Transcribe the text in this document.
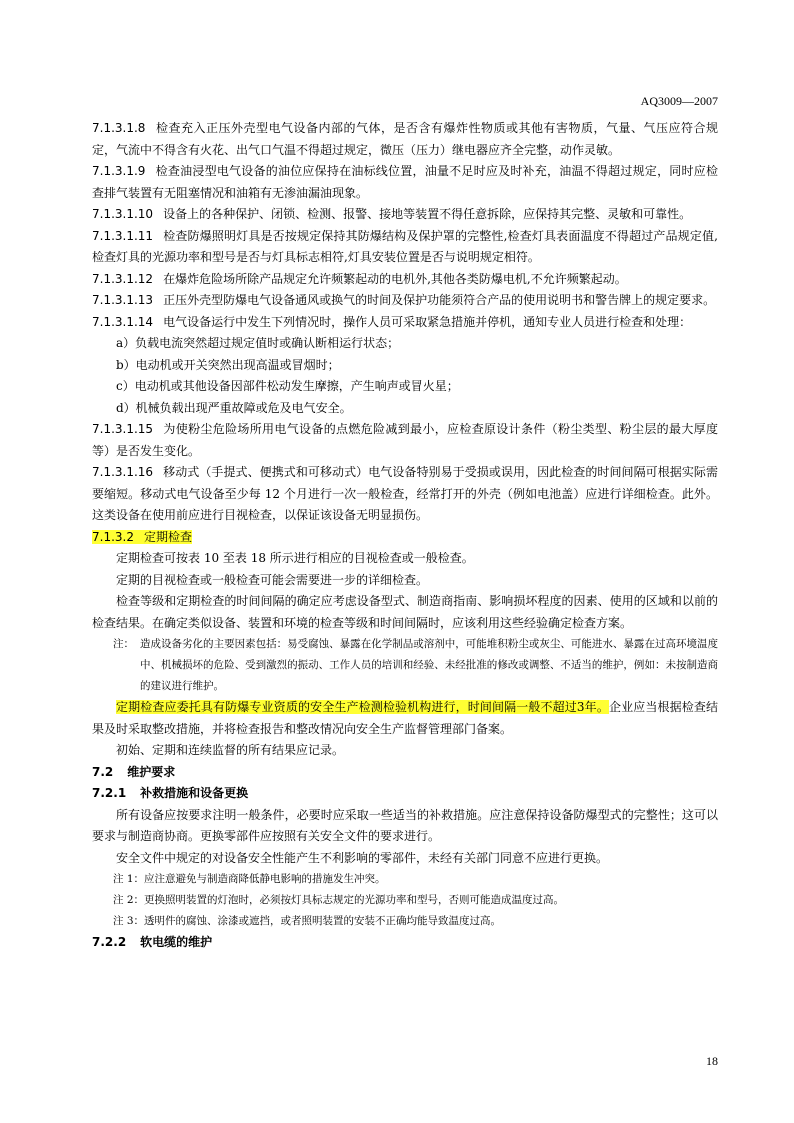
AQ3009—2007

7.1.3.1.8 检查充入正压外壳型电气设备内部的气体，是否含有爆炸性物质或其他有害物质，气量、气压应符合规定，气流中不得含有火花、出气口气温不得超过规定，微压（压力）继电器应齐全完整，动作灵敏。

7.1.3.1.9 检查油浸型电气设备的油位应保持在油标线位置，油量不足时应及时补充，油温不得超过规定，同时应检查排气装置有无阻塞情况和油箱有无渗油漏油现象。

7.1.3.1.10 设备上的各种保护、闭锁、检测、报警、接地等装置不得任意拆除，应保持其完整、灵敏和可靠性。

7.1.3.1.11 检查防爆照明灯具是否按规定保持其防爆结构及保护罩的完整性,检查灯具表面温度不得超过产品规定值,检查灯具的光源功率和型号是否与灯具标志相符,灯具安装位置是否与说明规定相符。

7.1.3.1.12 在爆炸危险场所除产品规定允许频繁起动的电机外,其他各类防爆电机,不允许频繁起动。

7.1.3.1.13 正压外壳型防爆电气设备通风或换气的时间及保护功能须符合产品的使用说明书和警告牌上的规定要求。

7.1.3.1.14 电气设备运行中发生下列情况时，操作人员可采取紧急措施并停机，通知专业人员进行检查和处理：

a）负载电流突然超过规定值时或确认断相运行状态；

b）电动机或开关突然出现高温或冒烟时；

c）电动机或其他设备因部件松动发生摩擦，产生响声或冒火星；

d）机械负载出现严重故障或危及电气安全。

7.1.3.1.15 为使粉尘危险场所用电气设备的点燃危险减到最小，应检查原设计条件（粉尘类型、粉尘层的最大厚度等）是否发生变化。

7.1.3.1.16 移动式（手提式、便携式和可移动式）电气设备特别易于受损或误用，因此检查的时间间隔可根据实际需要缩短。移动式电气设备至少每 12 个月进行一次一般检查，经常打开的外壳（例如电池盖）应进行详细检查。此外。这类设备在使用前应进行目视检查，以保证该设备无明显损伤。

7.1.3.2 定期检查

定期检查可按表 10 至表 18 所示进行相应的目视检查或一般检查。

定期的目视检查或一般检查可能会需要进一步的详细检查。

检查等级和定期检查的时间间隔的确定应考虑设备型式、制造商指南、影响损坏程度的因素、使用的区域和以前的检查结果。在确定类似设备、装置和环境的检查等级和时间间隔时，应该利用这些经验确定检查方案。

注： 造成设备劣化的主要因素包括：易受腐蚀、暴露在化学制品或溶剂中，可能堆积粉尘或灰尘、可能进水、暴露在过高环境温度中、机械损坏的危险、受到激烈的振动、工作人员的培训和经验、未经批准的修改或调整、不适当的维护，例如：未按制造商的建议进行维护。

定期检查应委托具有防爆专业资质的安全生产检测检验机构进行，时间间隔一般不超过3年。企业应当根据检查结果及时采取整改措施，并将检查报告和整改情况向安全生产监督管理部门备案。

初始、定期和连续监督的所有结果应记录。

7.2 维护要求

7.2.1 补救措施和设备更换

所有设备应按要求注明一般条件，必要时应采取一些适当的补救措施。应注意保持设备防爆型式的完整性；这可以要求与制造商协商。更换零部件应按照有关安全文件的要求进行。

安全文件中规定的对设备安全性能产生不利影响的零部件，未经有关部门同意不应进行更换。

注 1：应注意避免与制造商降低静电影响的措施发生冲突。

注 2：更换照明装置的灯泡时，必须按灯具标志规定的光源功率和型号，否则可能造成温度过高。

注 3：透明件的腐蚀、涂漆或遮挡，或者照明装置的安装不正确均能导致温度过高。

7.2.2 软电缆的维护

18
